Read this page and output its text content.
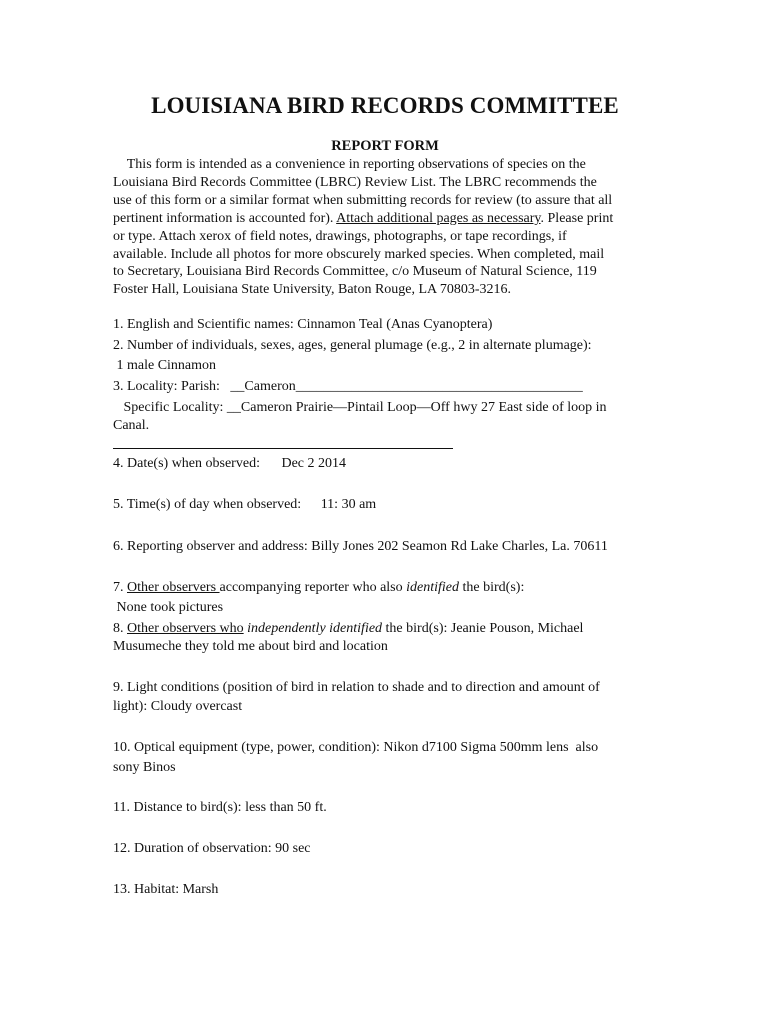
LOUISIANA BIRD RECORDS COMMITTEE
REPORT FORM
This form is intended as a convenience in reporting observations of species on the
Louisiana Bird Records Committee (LBRC) Review List. The LBRC recommends the
use of this form or a similar format when submitting records for review (to assure that all
pertinent information is accounted for). Attach additional pages as necessary. Please print
or type. Attach xerox of field notes, drawings, photographs, or tape recordings, if
available. Include all photos for more obscurely marked species. When completed, mail
to Secretary, Louisiana Bird Records Committee, c/o Museum of Natural Science, 119
Foster Hall, Louisiana State University, Baton Rouge, LA 70803-3216.
1. English and Scientific names: Cinnamon Teal (Anas Cyanoptera)
2. Number of individuals, sexes, ages, general plumage (e.g., 2 in alternate plumage):
1 male Cinnamon
3. Locality: Parish:   __Cameron_________________________________________
Specific Locality: __Cameron Prairie—Pintail Loop—Off hwy 27 East side of loop in
Canal.
4. Date(s) when observed: Dec 2 2014
5. Time(s) of day when observed: 11: 30 am
6. Reporting observer and address: Billy Jones 202 Seamon Rd Lake Charles, La. 70611
7. Other observers accompanying reporter who also identified the bird(s):
None took pictures
8. Other observers who independently identified the bird(s): Jeanie Pouson, Michael
Musumeche they told me about bird and location
9. Light conditions (position of bird in relation to shade and to direction and amount of
light): Cloudy overcast
10. Optical equipment (type, power, condition): Nikon d7100 Sigma 500mm lens  also
sony Binos
11. Distance to bird(s): less than 50 ft.
12. Duration of observation: 90 sec
13. Habitat: Marsh
